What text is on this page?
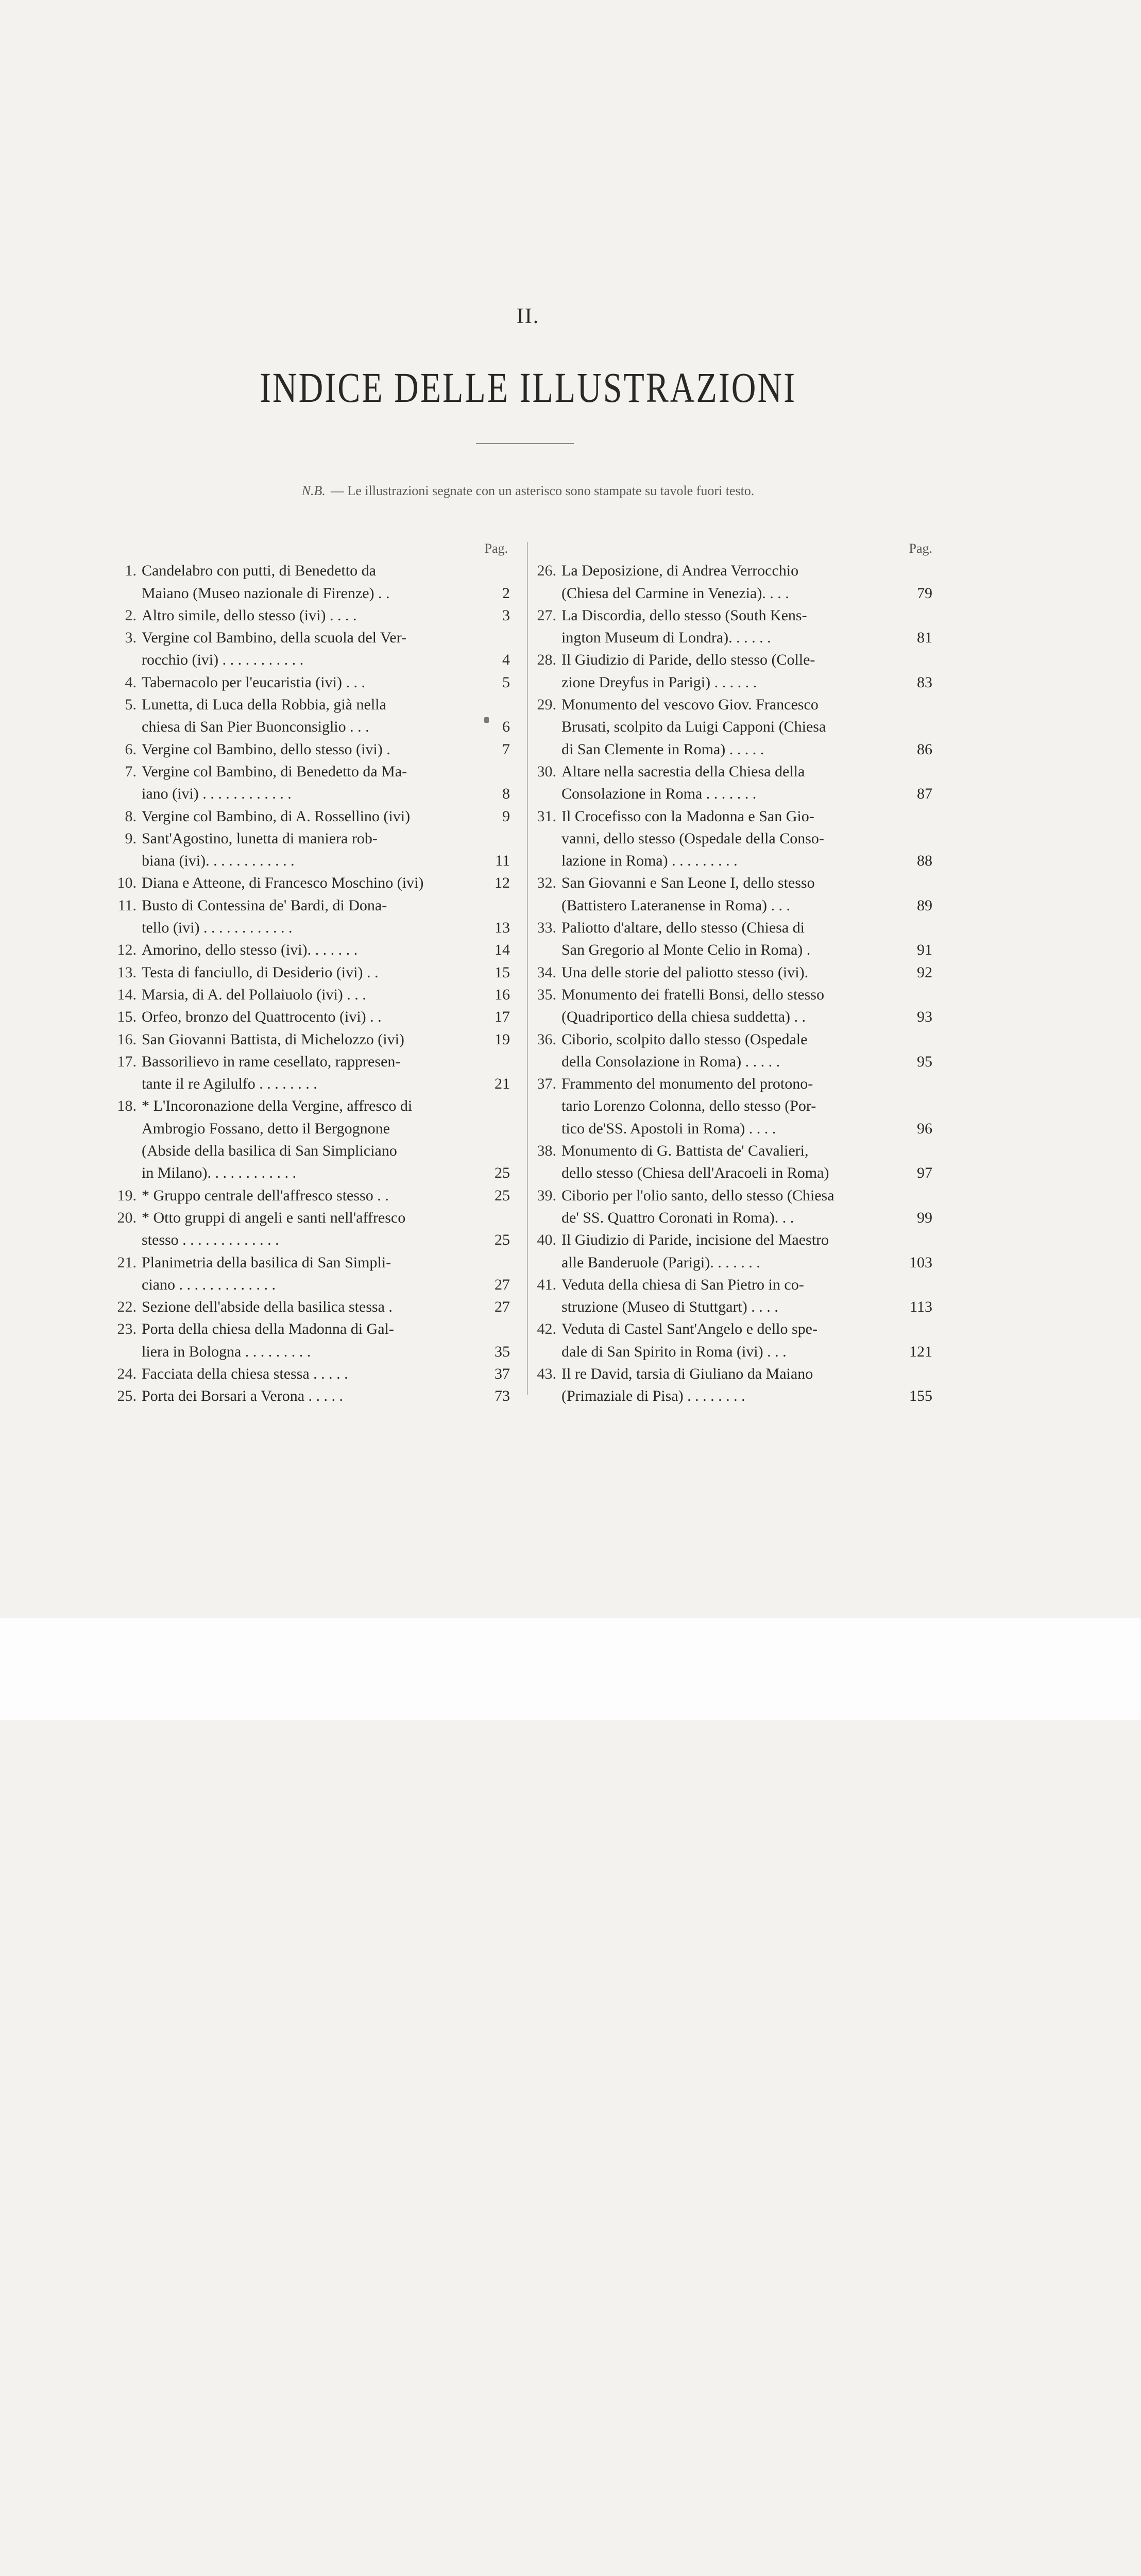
II.
INDICE DELLE ILLUSTRAZIONI
N.B. — Le illustrazioni segnate con un asterisco sono stampate su tavole fuori testo.
Pag.
1. Candelabro con putti, di Benedetto da
Maiano (Museo nazionale di Firenze) . .	2
2. Altro simile, dello stesso (ivi) . . . .	3
3. Vergine col Bambino, della scuola del Ver-
rocchio (ivi) . . . . . . . . . . .	4
4. Tabernacolo per l'eucaristia (ivi) . . .	5
5. Lunetta, di Luca della Robbia, già nella
chiesa di San Pier Buonconsiglio . . .	6
6. Vergine col Bambino, dello stesso (ivi) .	7
7. Vergine col Bambino, di Benedetto da Ma-
iano (ivi) . . . . . . . . . . . .	8
8. Vergine col Bambino, di A. Rossellino (ivi)	9
9. Sant'Agostino, lunetta di maniera rob-
biana (ivi). . . . . . . . . . . .	11
10. Diana e Atteone, di Francesco Moschino (ivi)	12
11. Busto di Contessina de' Bardi, di Dona-
tello (ivi) . . . . . . . . . . . .	13
12. Amorino, dello stesso (ivi). . . . . . .	14
13. Testa di fanciullo, di Desiderio (ivi) . .	15
14. Marsia, di A. del Pollaiuolo (ivi) . . .	16
15. Orfeo, bronzo del Quattrocento (ivi) . .	17
16. San Giovanni Battista, di Michelozzo (ivi)	19
17. Bassorilievo in rame cesellato, rappresen-
tante il re Agilulfo . . . . . . . .	21
18. * L'Incoronazione della Vergine, affresco di
Ambrogio Fossano, detto il Bergognone
(Abside della basilica di San Simpliciano
in Milano). . . . . . . . . . . .	25
19. * Gruppo centrale dell'affresco stesso . .	25
20. * Otto gruppi di angeli e santi nell'affresco
stesso . . . . . . . . . . . . .	25
21. Planimetria della basilica di San Simpli-
ciano . . . . . . . . . . . . .	27
22. Sezione dell'abside della basilica stessa .	27
23. Porta della chiesa della Madonna di Gal-
liera in Bologna . . . . . . . . .	35
24. Facciata della chiesa stessa . . . . .	37
25. Porta dei Borsari a Verona . . . . .	73
Pag.
26. La Deposizione, di Andrea Verrocchio
(Chiesa del Carmine in Venezia). . . .	79
27. La Discordia, dello stesso (South Kens-
ington Museum di Londra). . . . . .	81
28. Il Giudizio di Paride, dello stesso (Colle-
zione Dreyfus in Parigi) . . . . . .	83
29. Monumento del vescovo Giov. Francesco
Brusati, scolpito da Luigi Capponi (Chiesa
di San Clemente in Roma) . . . . .	86
30. Altare nella sacrestia della Chiesa della
Consolazione in Roma . . . . . . .	87
31. Il Crocefisso con la Madonna e San Gio-
vanni, dello stesso (Ospedale della Conso-
lazione in Roma) . . . . . . . . .	88
32. San Giovanni e San Leone I, dello stesso
(Battistero Lateranense in Roma) . . .	89
33. Paliotto d'altare, dello stesso (Chiesa di
San Gregorio al Monte Celio in Roma) .	91
34. Una delle storie del paliotto stesso (ivi).	92
35. Monumento dei fratelli Bonsi, dello stesso
(Quadriportico della chiesa suddetta) . .	93
36. Ciborio, scolpito dallo stesso (Ospedale
della Consolazione in Roma) . . . . .	95
37. Frammento del monumento del protono-
tario Lorenzo Colonna, dello stesso (Por-
tico de'SS. Apostoli in Roma) . . . .	96
38. Monumento di G. Battista de' Cavalieri,
dello stesso (Chiesa dell'Aracoeli in Roma)	97
39. Ciborio per l'olio santo, dello stesso (Chiesa
de' SS. Quattro Coronati in Roma). . .	99
40. Il Giudizio di Paride, incisione del Maestro
alle Banderuole (Parigi). . . . . . .	103
41. Veduta della chiesa di San Pietro in co-
struzione (Museo di Stuttgart) . . . .	113
42. Veduta di Castel Sant'Angelo e dello spe-
dale di San Spirito in Roma (ivi) . . .	121
43. Il re David, tarsia di Giuliano da Maiano
(Primaziale di Pisa) . . . . . . . .	155
